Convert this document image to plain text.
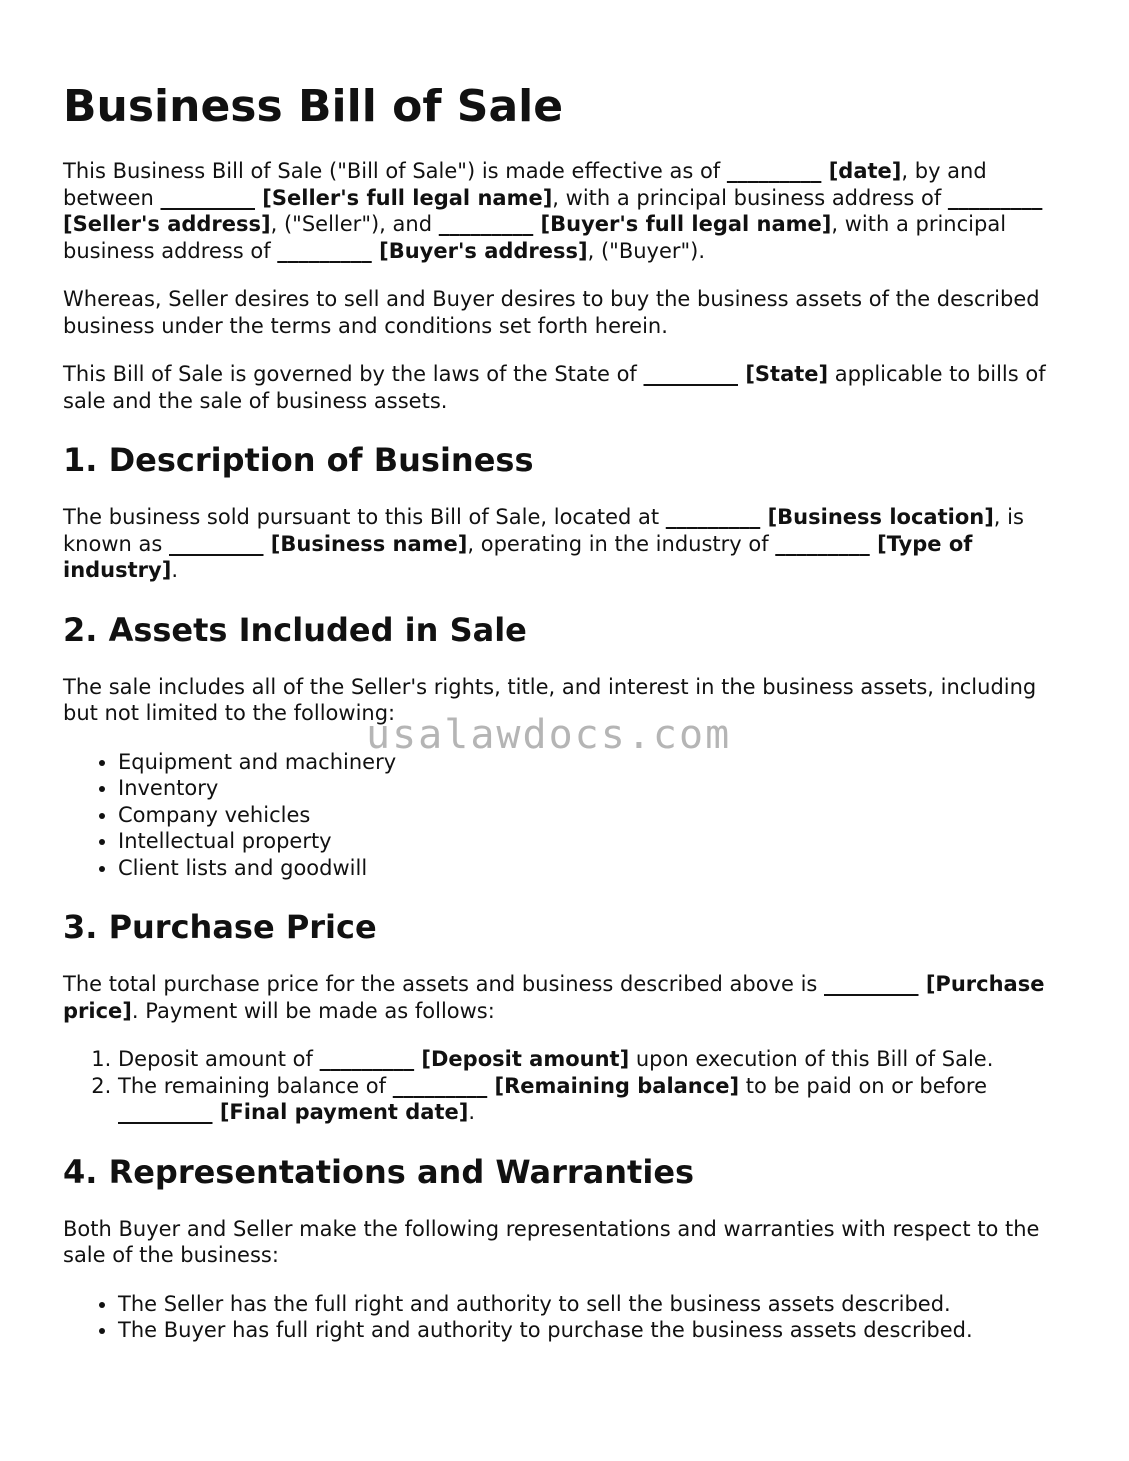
Business Bill of Sale

This Business Bill of Sale ("Bill of Sale") is made effective as of _________ [date], by and between _________ [Seller's full legal name], with a principal business address of _________ [Seller's address], ("Seller"), and _________ [Buyer's full legal name], with a principal business address of _________ [Buyer's address], ("Buyer").

Whereas, Seller desires to sell and Buyer desires to buy the business assets of the described business under the terms and conditions set forth herein.

This Bill of Sale is governed by the laws of the State of _________ [State] applicable to bills of sale and the sale of business assets.

1. Description of Business

The business sold pursuant to this Bill of Sale, located at _________ [Business location], is known as _________ [Business name], operating in the industry of _________ [Type of industry].

2. Assets Included in Sale

The sale includes all of the Seller's rights, title, and interest in the business assets, including but not limited to the following:

• Equipment and machinery
• Inventory
• Company vehicles
• Intellectual property
• Client lists and goodwill
3. Purchase Price

The total purchase price for the assets and business described above is _________ [Purchase price]. Payment will be made as follows:

1. Deposit amount of _________ [Deposit amount] upon execution of this Bill of Sale.
2. The remaining balance of _________ [Remaining balance] to be paid on or before _________ [Final payment date].
4. Representations and Warranties

Both Buyer and Seller make the following representations and warranties with respect to the sale of the business:

• The Seller has the full right and authority to sell the business assets described.
• The Buyer has full right and authority to purchase the business assets described.
usalawdocs.com
